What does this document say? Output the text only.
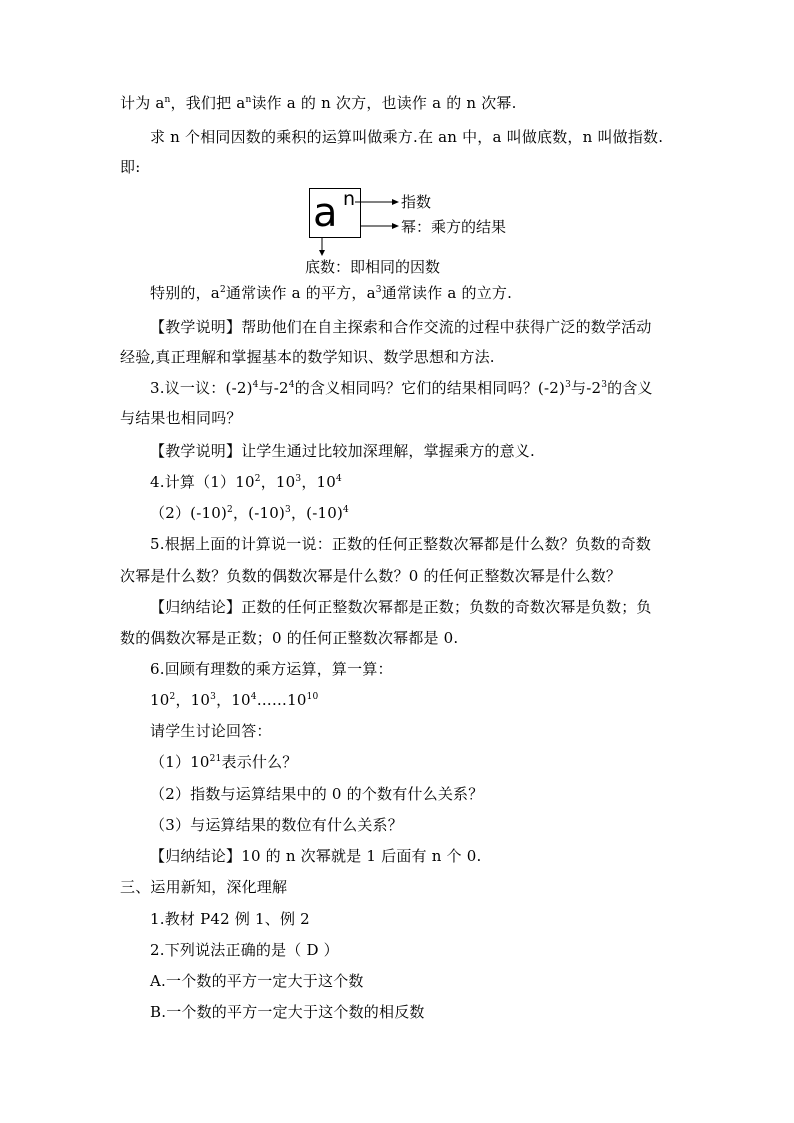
计为 $a^n$，我们把 $a^n$读作 a 的 n 次方，也读作 a 的 n 次幂.
求 n 个相同因数的乘积的运算叫做乘方.在 an 中，a 叫做底数，n 叫做指数.
即:
a n	指数
幂：乘方的结果
底数：即相同的因数
特别的，$a^2$通常读作 a 的平方，$a^3$通常读作 a 的立方.
【教学说明】帮助他们在自主探索和合作交流的过程中获得广泛的数学活动
经验,真正理解和掌握基本的数学知识、数学思想和方法.
3.议一议：$(-2)^4$与$-2^4$的含义相同吗？它们的结果相同吗？$(-2)^3$与$-2^3$的含义
与结果也相同吗？
【教学说明】让学生通过比较加深理解，掌握乘方的意义.
4.计算$(1)10^2$，$10^3$，$10^4$
$(2)(-10)^2$，$(-10)^3$，$(-10)^4$
5.根据上面的计算说一说：正数的任何正整数次幂都是什么数？负数的奇数
次幂是什么数？负数的偶数次幂是什么数？0 的任何正整数次幂是什么数？
【归纳结论】正数的任何正整数次幂都是正数；负数的奇数次幂是负数；负
数的偶数次幂是正数；0 的任何正整数次幂都是 0.
6.回顾有理数的乘方运算，算一算：
$10^2$，$10^3$，$10^4\dots\dots 10^{10}$
请学生讨论回答：
$(1)10^{21}$表示什么？
（2）指数与运算结果中的 0 的个数有什么关系？
（3）与运算结果的数位有什么关系？
【归纳结论】10 的 n 次幂就是 1 后面有 n 个 0.
三、运用新知，深化理解
1.教材 P42 例 1、例 2
2.下列说法正确的是（ D ）
A.一个数的平方一定大于这个数
B.一个数的平方一定大于这个数的相反数
